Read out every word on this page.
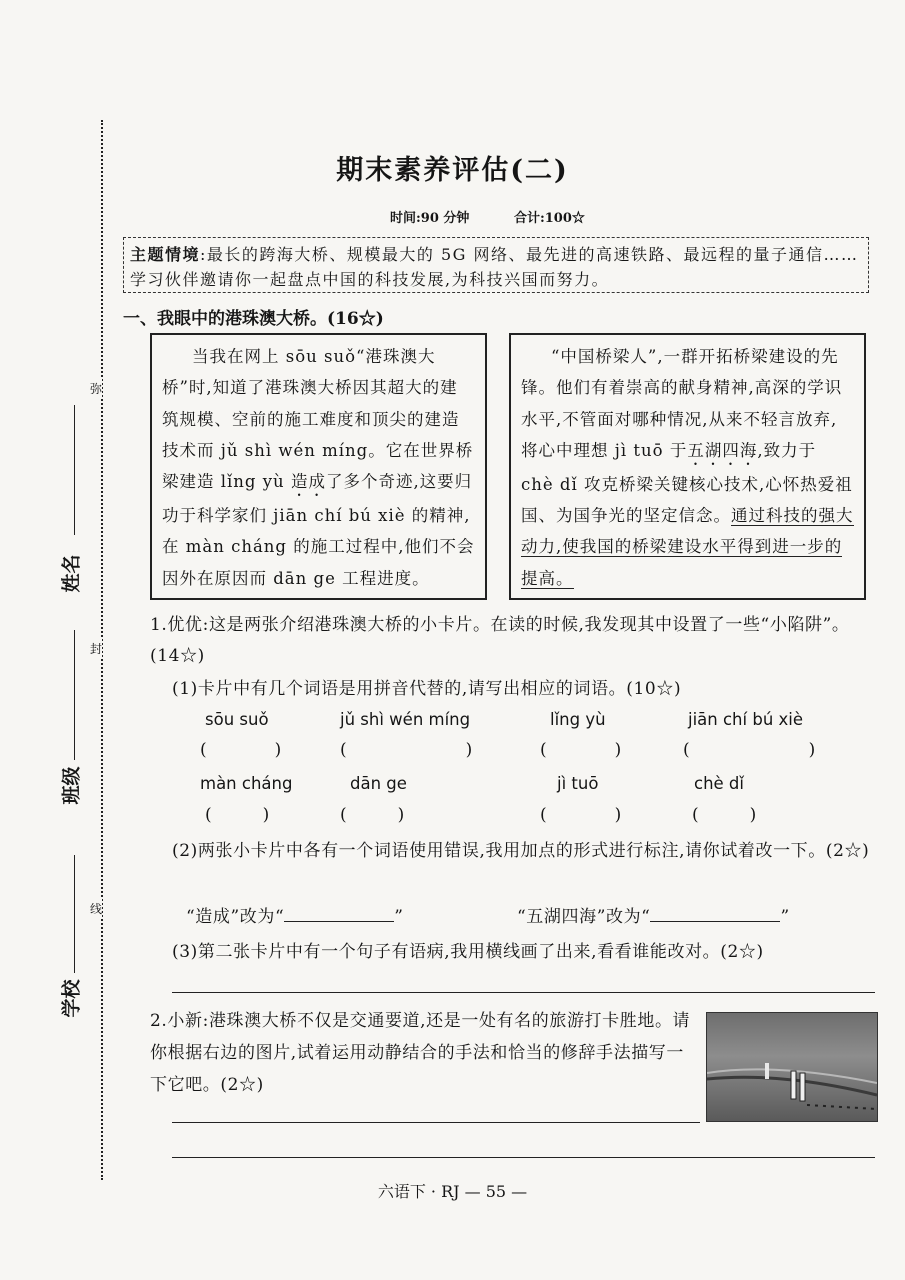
弥
封
线
姓名
班级
学校
期末素养评估(二)
时间:90 分钟	合计:100☆
主题情境:最长的跨海大桥、规模最大的 5G 网络、最先进的高速铁路、最远程的量子通信……学习伙伴邀请你一起盘点中国的科技发展,为科技兴国而努力。
一、我眼中的港珠澳大桥。(16☆)
当我在网上 sōu suǒ“港珠澳大桥”时,知道了港珠澳大桥因其超大的建筑规模、空前的施工难度和顶尖的建造技术而 jǔ shì wén míng。它在世界桥梁建造 lǐng yù 造成了多个奇迹,这要归功于科学家们 jiān chí bú xiè 的精神,在 màn cháng 的施工过程中,他们不会因外在原因而 dān ge 工程进度。
“中国桥梁人”,一群开拓桥梁建设的先锋。他们有着崇高的献身精神,高深的学识水平,不管面对哪种情况,从来不轻言放弃,将心中理想 jì tuō 于五湖四海,致力于 chè dǐ 攻克桥梁关键核心技术,心怀热爱祖国、为国争光的坚定信念。通过科技的强大动力,使我国的桥梁建设水平得到进一步的提高。
1.优优:这是两张介绍港珠澳大桥的小卡片。在读的时候,我发现其中设置了一些“小陷阱”。(14☆)
(1)卡片中有几个词语是用拼音代替的,请写出相应的词语。(10☆)
sōu suǒ	jǔ shì wén míng	lǐng yù	jiān chí bú xiè
(    )	(       )	(    )	(       )
màn cháng	dān ge	jì tuō	chè dǐ
(   )	(   )	(    )	(   )
(2)两张小卡片中各有一个词语使用错误,我用加点的形式进行标注,请你试着改一下。(2☆)
“造成”改为“	”	“五湖四海”改为“	”
(3)第二张卡片中有一个句子有语病,我用横线画了出来,看看谁能改对。(2☆)
2.小新:港珠澳大桥不仅是交通要道,还是一处有名的旅游打卡胜地。请你根据右边的图片,试着运用动静结合的手法和恰当的修辞手法描写一下它吧。(2☆)
六语下 · RJ — 55 —
